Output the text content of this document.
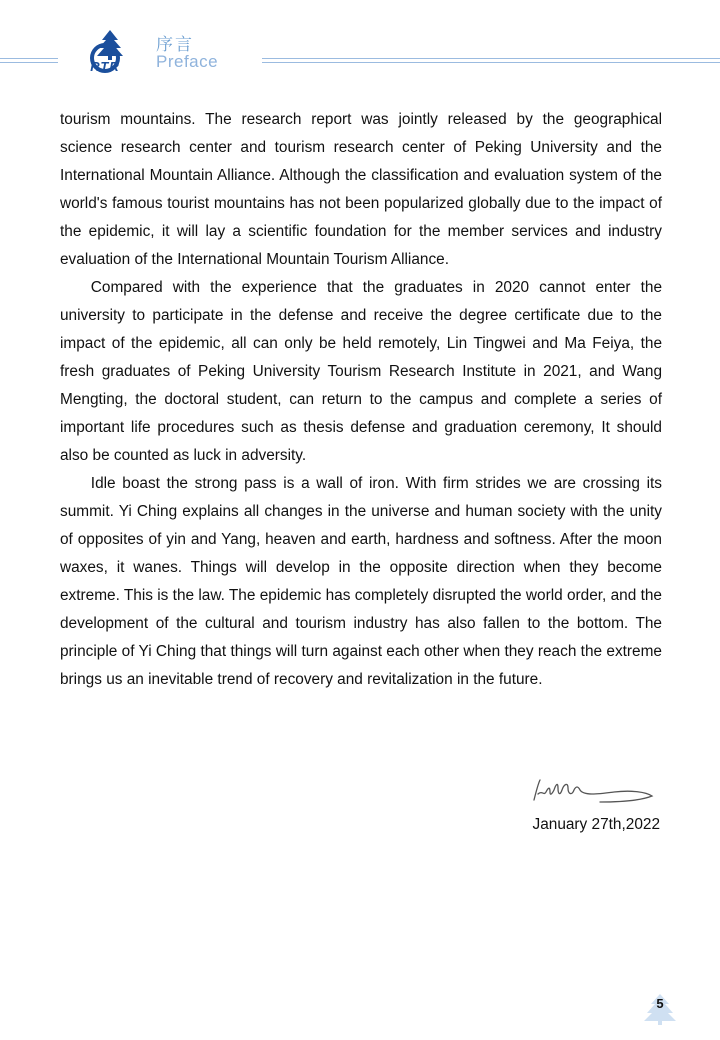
RTR
序言
Preface

tourism mountains. The research report was jointly released by the geographical science research center and tourism research center of Peking University and the International Mountain Alliance. Although the classification and evaluation system of the world's famous tourist mountains has not been popularized globally due to the impact of the epidemic, it will lay a scientific foundation for the member services and industry evaluation of the International Mountain Tourism Alliance.

Compared with the experience that the graduates in 2020 cannot enter the university to participate in the defense and receive the degree certificate due to the impact of the epidemic, all can only be held remotely, Lin Tingwei and Ma Feiya, the fresh graduates of Peking University Tourism Research Institute in 2021, and Wang Mengting, the doctoral student, can return to the campus and complete a series of important life procedures such as thesis defense and graduation ceremony, It should also be counted as luck in adversity.

Idle boast the strong pass is a wall of iron. With firm strides we are crossing its summit. Yi Ching explains all changes in the universe and human society with the unity of opposites of yin and Yang, heaven and earth, hardness and softness. After the moon waxes, it wanes. Things will develop in the opposite direction when they become extreme. This is the law. The epidemic has completely disrupted the world order, and the development of the cultural and tourism industry has also fallen to the bottom. The principle of Yi Ching that things will turn against each other when they reach the extreme brings us an inevitable trend of recovery and revitalization in the future.

January 27th,2022
5
